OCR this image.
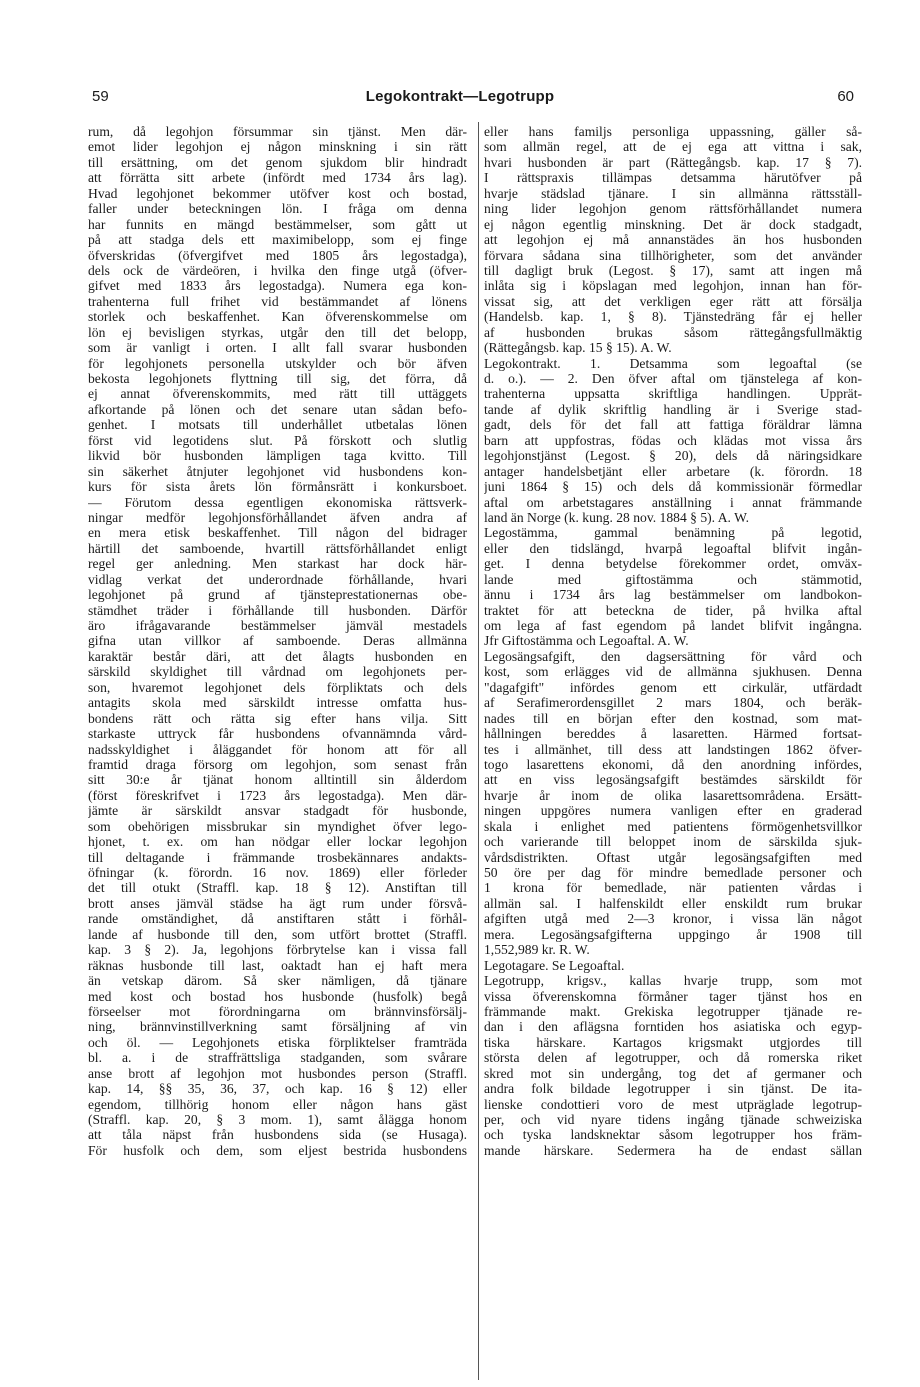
59	Legokontrakt—Legotrupp	60
rum, då legohjon försummar sin tjänst. Men där-
emot lider legohjon ej någon minskning i sin rätt
till ersättning, om det genom sjukdom blir hindradt
att förrätta sitt arbete (infördt med 1734 års lag).
Hvad legohjonet bekommer utöfver kost och bostad,
faller under beteckningen lön. I fråga om denna
har funnits en mängd bestämmelser, som gått ut
på att stadga dels ett maximibelopp, som ej finge
öfverskridas (öfvergifvet med 1805 års legostadga),
dels ock de värdeören, i hvilka den finge utgå (öfver-
gifvet med 1833 års legostadga). Numera ega kon-
trahenterna full frihet vid bestämmandet af lönens
storlek och beskaffenhet. Kan öfverenskommelse om
lön ej bevisligen styrkas, utgår den till det belopp,
som är vanligt i orten. I allt fall svarar husbonden
för legohjonets personella utskylder och bör äfven
bekosta legohjonets flyttning till sig, det förra, då
ej annat öfverenskommits, med rätt till uttäggets
afkortande på lönen och det senare utan sådan befo-
genhet. I motsats till underhållet utbetalas lönen
först vid legotidens slut. På förskott och slutlig
likvid bör husbonden lämpligen taga kvitto. Till
sin säkerhet åtnjuter legohjonet vid husbondens kon-
kurs för sista årets lön förmånsrätt i konkursboet.
— Förutom dessa egentligen ekonomiska rättsverk-
ningar medför legohjonsförhållandet äfven andra af
en mera etisk beskaffenhet. Till någon del bidrager
härtill det samboende, hvartill rättsförhållandet enligt
regel ger anledning. Men starkast har dock här-
vidlag verkat det underordnade förhållande, hvari
legohjonet på grund af tjänsteprestationernas obe-
stämdhet träder i förhållande till husbonden. Därför
äro ifrågavarande bestämmelser jämväl mestadels
gifna utan villkor af samboende. Deras allmänna
karaktär består däri, att det ålagts husbonden en
särskild skyldighet till vårdnad om legohjonets per-
son, hvaremot legohjonet dels förpliktats och dels
antagits skola med särskildt intresse omfatta hus-
bondens rätt och rätta sig efter hans vilja. Sitt
starkaste uttryck får husbondens ofvannämnda vård-
nadsskyldighet i åläggandet för honom att för all
framtid draga försorg om legohjon, som senast från
sitt 30:e år tjänat honom alltintill sin ålderdom
(först föreskrifvet i 1723 års legostadga). Men där-
jämte är särskildt ansvar stadgadt för husbonde,
som obehörigen missbrukar sin myndighet öfver lego-
hjonet, t. ex. om han nödgar eller lockar legohjon
till deltagande i främmande trosbekännares andakts-
öfningar (k. förordn. 16 nov. 1869) eller förleder
det till otukt (Straffl. kap. 18 § 12). Anstiftan till
brott anses jämväl städse ha ägt rum under försvå-
rande omständighet, då anstiftaren stått i förhål-
lande af husbonde till den, som utfört brottet (Straffl.
kap. 3 § 2). Ja, legohjons förbrytelse kan i vissa fall
räknas husbonde till last, oaktadt han ej haft mera
än vetskap därom. Så sker nämligen, då tjänare
med kost och bostad hos husbonde (husfolk) begå
förseelser mot förordningarna om brännvinsförsälj-
ning, brännvinstillverkning samt försäljning af vin
och öl. — Legohjonets etiska förpliktelser framträda
bl. a. i de straffrättsliga stadganden, som svårare
anse brott af legohjon mot husbondes person (Straffl.
kap. 14, §§ 35, 36, 37, och kap. 16 § 12) eller
egendom, tillhörig honom eller någon hans gäst
(Straffl. kap. 20, § 3 mom. 1), samt ålägga honom
att tåla näpst från husbondens sida (se Husaga).
För husfolk och dem, som eljest bestrida husbondens
eller hans familjs personliga uppassning, gäller så-
som allmän regel, att de ej ega att vittna i sak,
hvari husbonden är part (Rättegångsb. kap. 17 § 7).
I rättspraxis tillämpas detsamma härutöfver på
hvarje städslad tjänare. I sin allmänna rättsställ-
ning lider legohjon genom rättsförhållandet numera
ej någon egentlig minskning. Det är dock stadgadt,
att legohjon ej må annanstädes än hos husbonden
förvara sådana sina tillhörigheter, som det använder
till dagligt bruk (Legost. § 17), samt att ingen må
inlåta sig i köpslagan med legohjon, innan han för-
vissat sig, att det verkligen eger rätt att försälja
(Handelsb. kap. 1, § 8). Tjänstedräng får ej heller
af husbonden brukas såsom rättegångsfullmäktig
(Rättegångsb. kap. 15 § 15). A. W.
Legokontrakt. 1. Detsamma som legoaftal (se
d. o.). — 2. Den öfver aftal om tjänstelega af kon-
trahenterna uppsatta skriftliga handlingen. Upprät-
tande af dylik skriftlig handling är i Sverige stad-
gadt, dels för det fall att fattiga föräldrar lämna
barn att uppfostras, födas och klädas mot vissa års
legohjonstjänst (Legost. § 20), dels då näringsidkare
antager handelsbetjänt eller arbetare (k. förordn. 18
juni 1864 § 15) och dels då kommissionär förmedlar
aftal om arbetstagares anställning i annat främmande
land än Norge (k. kung. 28 nov. 1884 § 5). A. W.
Legostämma, gammal benämning på legotid,
eller den tidslängd, hvarpå legoaftal blifvit ingån-
get. I denna betydelse förekommer ordet, omväx-
lande med giftostämma och stämmotid,
ännu i 1734 års lag bestämmelser om landbokon-
traktet för att beteckna de tider, på hvilka aftal
om lega af fast egendom på landet blifvit ingångna.
Jfr Giftostämma och Legoaftal. A. W.
Legosängsafgift, den dagsersättning för vård och
kost, som erlägges vid de allmänna sjukhusen. Denna
"dagafgift" infördes genom ett cirkulär, utfärdadt
af Serafimerordensgillet 2 mars 1804, och beräk-
nades till en början efter den kostnad, som mat-
hållningen bereddes å lasaretten. Härmed fortsat-
tes i allmänhet, till dess att landstingen 1862 öfver-
togo lasarettens ekonomi, då den anordning infördes,
att en viss legosängsafgift bestämdes särskildt för
hvarje år inom de olika lasarettsområdena. Ersätt-
ningen uppgöres numera vanligen efter en graderad
skala i enlighet med patientens förmögenhetsvillkor
och varierande till beloppet inom de särskilda sjuk-
vårdsdistrikten. Oftast utgår legosängsafgiften med
50 öre per dag för mindre bemedlade personer och
1 krona för bemedlade, när patienten vårdas i
allmän sal. I halfenskildt eller enskildt rum brukar
afgiften utgå med 2—3 kronor, i vissa län något
mera. Legosängsafgifterna uppgingo år 1908 till
1,552,989 kr. R. W.
Legotagare. Se Legoaftal.
Legotrupp, krigsv., kallas hvarje trupp, som mot
vissa öfverenskomna förmåner tager tjänst hos en
främmande makt. Grekiska legotrupper tjänade re-
dan i den aflägsna forntiden hos asiatiska och egyp-
tiska härskare. Kartagos krigsmakt utgjordes till
största delen af legotrupper, och då romerska riket
skred mot sin undergång, tog det af germaner och
andra folk bildade legotrupper i sin tjänst. De ita-
lienske condottieri voro de mest utpräglade legotrup-
per, och vid nyare tidens ingång tjänade schweiziska
och tyska landsknektar såsom legotrupper hos främ-
mande härskare. Sedermera ha de endast sällan
